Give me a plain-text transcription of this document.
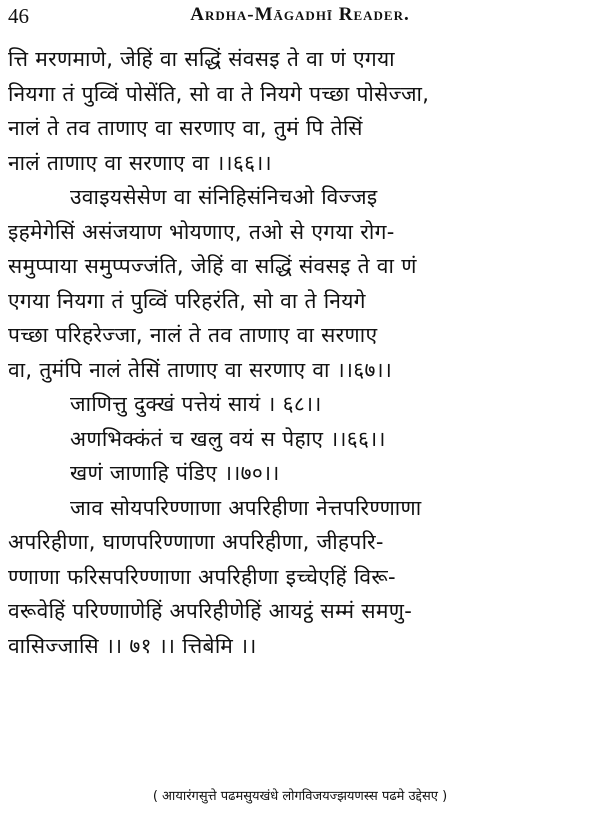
46	Ardha-Māgadhī Reader.
त्ति मरणमाणे, जेहिं वा सद्धिं संवसइ ते वा णं एगया
नियगा तं पुव्विं पोसेंति, सो वा ते नियगे पच्छा पोसेज्जा,
नालं ते तव ताणाए वा सरणाए वा, तुमं पि तेसिं
नालं ताणाए वा सरणाए वा ।।६६।।
उवाइयसेसेण वा संनिहिसंनिचओ विज्जइ
इहमेगेसिं असंजयाण भोयणाए, तओ से एगया रोग-
समुप्पाया समुप्पज्जंति, जेहिं वा सद्धिं संवसइ ते वा णं
एगया नियगा तं पुव्विं परिहरंति, सो वा ते नियगे
पच्छा परिहरेज्जा, नालं ते तव ताणाए वा सरणाए
वा, तुमंपि नालं तेसिं ताणाए वा सरणाए वा ।।६७।।
जाणित्तु दुक्खं पत्तेयं सायं । ६८।।
अणभिक्कंतं च खलु वयं स पेहाए ।।६६।।
खणं जाणाहि पंडिए ।।७०।।
जाव सोयपरिण्णाणा अपरिहीणा नेत्तपरिण्णाणा
अपरिहीणा, घाणपरिण्णाणा अपरिहीणा, जीहपरि-
ण्णाणा फरिसपरिण्णाणा अपरिहीणा इच्चेएहिं विरू-
वरूवेहिं परिण्णाणेहिं अपरिहीणेहिं आयट्ठं सम्मं समणु-
वासिज्जासि ।। ७१ ।। त्तिबेमि ।।
( आयारंगसुत्ते पढमसुयखंधे लोगविजयज्झयणस्स पढमे उद्देसए )
